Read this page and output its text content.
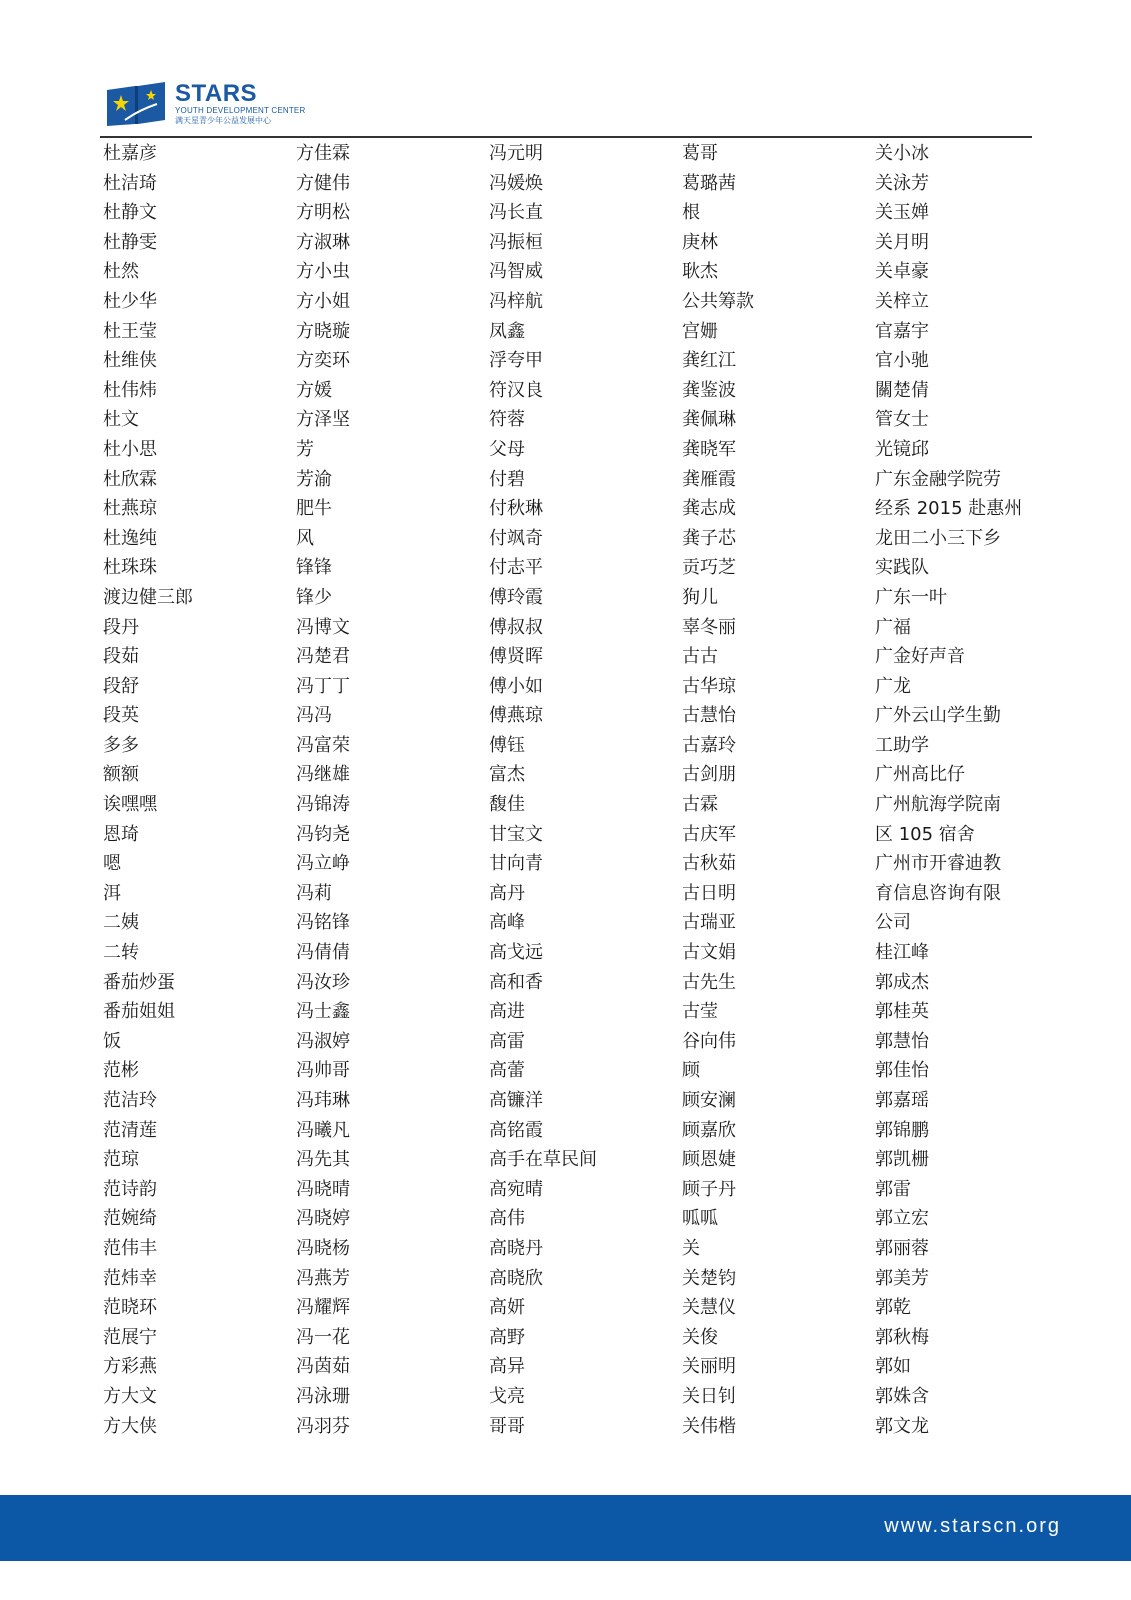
STARS
YOUTH DEVELOPMENT CENTER
满天星青少年公益发展中心
杜嘉彦
杜洁琦
杜静文
杜静雯
杜然
杜少华
杜王莹
杜维侠
杜伟炜
杜文
杜小思
杜欣霖
杜燕琼
杜逸纯
杜珠珠
渡边健三郎
段丹
段茹
段舒
段英
多多
额额
诶嘿嘿
恩琦
嗯
洱
二姨
二转
番茄炒蛋
番茄姐姐
饭
范彬
范洁玲
范清莲
范琼
范诗韵
范婉绮
范伟丰
范炜幸
范晓环
范展宁
方彩燕
方大文
方大侠
方佳霖
方健伟
方明松
方淑琳
方小虫
方小姐
方晓璇
方奕环
方媛
方泽坚
芳
芳渝
肥牛
风
锋锋
锋少
冯博文
冯楚君
冯丁丁
冯冯
冯富荣
冯继雄
冯锦涛
冯钧尧
冯立峥
冯莉
冯铭锋
冯倩倩
冯汝珍
冯士鑫
冯淑婷
冯帅哥
冯玮琳
冯曦凡
冯先其
冯晓晴
冯晓婷
冯晓杨
冯燕芳
冯耀辉
冯一花
冯茵茹
冯泳珊
冯羽芬
冯元明
冯媛焕
冯长直
冯振桓
冯智威
冯梓航
凤鑫
浮夸甲
符汉良
符蓉
父母
付碧
付秋琳
付飒奇
付志平
傅玲霞
傅叔叔
傅贤晖
傅小如
傅燕琼
傅钰
富杰
馥佳
甘宝文
甘向青
高丹
高峰
高戈远
高和香
高进
高雷
高蕾
高镰洋
高铭霞
高手在草民间
高宛晴
高伟
高晓丹
高晓欣
高妍
高野
高异
戈亮
哥哥
葛哥
葛璐茜
根
庚林
耿杰
公共筹款
宫姗
龚红江
龚鉴波
龚佩琳
龚晓军
龚雁霞
龚志成
龚子芯
贡巧芝
狗儿
辜冬丽
古古
古华琼
古慧怡
古嘉玲
古剑朋
古霖
古庆军
古秋茹
古日明
古瑞亚
古文娟
古先生
古莹
谷向伟
顾
顾安澜
顾嘉欣
顾恩婕
顾子丹
呱呱
关
关楚钧
关慧仪
关俊
关丽明
关日钊
关伟楷
关小冰
关泳芳
关玉婵
关月明
关卓豪
关梓立
官嘉宇
官小驰
關楚倩
管女士
光镜邱
广东金融学院劳
经系 2015 赴惠州
龙田二小三下乡
实践队
广东一叶
广福
广金好声音
广龙
广外云山学生勤
工助学
广州高比仔
广州航海学院南
区 105 宿舍
广州市开睿迪教
育信息咨询有限
公司
桂江峰
郭成杰
郭桂英
郭慧怡
郭佳怡
郭嘉瑶
郭锦鹏
郭凯栅
郭雷
郭立宏
郭丽蓉
郭美芳
郭乾
郭秋梅
郭如
郭姝含
郭文龙
www.starscn.org
